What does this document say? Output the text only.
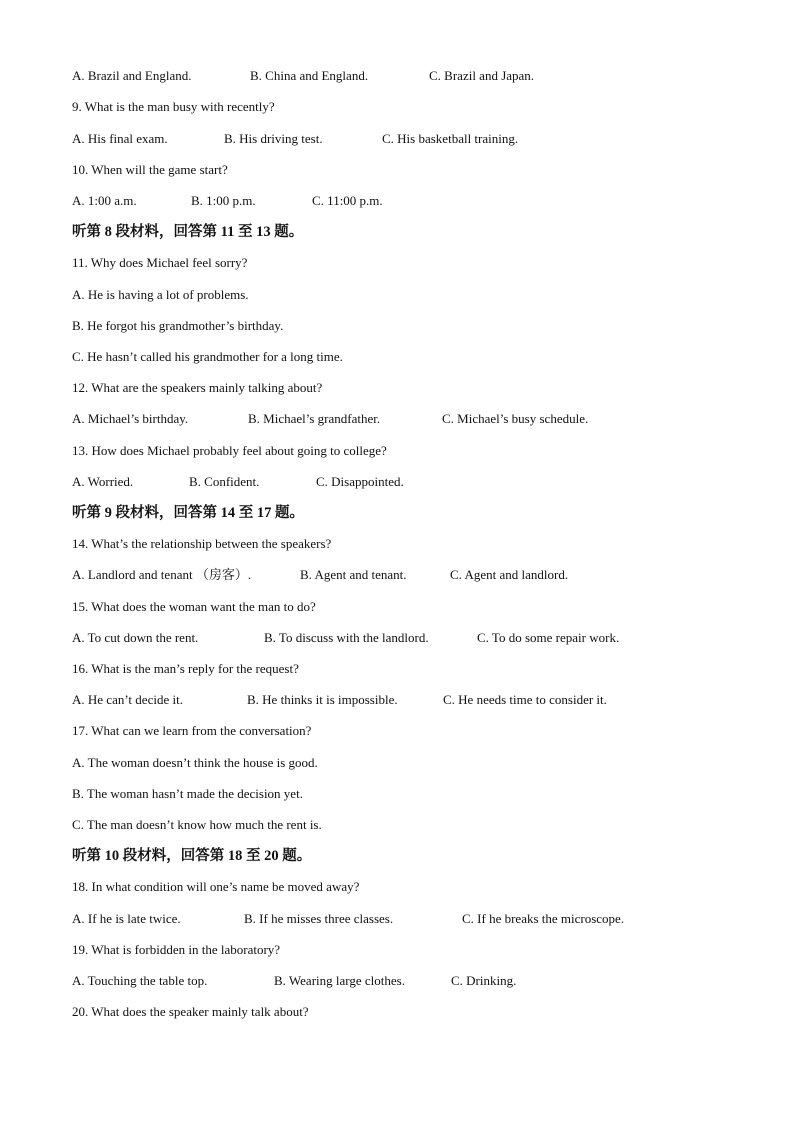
A. Brazil and England.	B. China and England.	C. Brazil and Japan.
9. What is the man busy with recently?
A. His final exam.	B. His driving test.	C. His basketball training.
10. When will the game start?
A. 1:00 a.m.	B. 1:00 p.m.	C. 11:00 p.m.
听第 8 段材料，回答第 11 至 13 题。
11. Why does Michael feel sorry?
A. He is having a lot of problems.
B. He forgot his grandmother’s birthday.
C. He hasn’t called his grandmother for a long time.
12. What are the speakers mainly talking about?
A. Michael’s birthday.	B. Michael’s grandfather.	C. Michael’s busy schedule.
13. How does Michael probably feel about going to college?
A. Worried.	B. Confident.	C. Disappointed.
听第 9 段材料，回答第 14 至 17 题。
14. What’s the relationship between the speakers?
A. Landlord and tenant （房客）.	B. Agent and tenant.	C. Agent and landlord.
15. What does the woman want the man to do?
A. To cut down the rent.	B. To discuss with the landlord.	C. To do some repair work.
16. What is the man’s reply for the request?
A. He can’t decide it.	B. He thinks it is impossible.	C. He needs time to consider it.
17. What can we learn from the conversation?
A. The woman doesn’t think the house is good.
B. The woman hasn’t made the decision yet.
C. The man doesn’t know how much the rent is.
听第 10 段材料，回答第 18 至 20 题。
18. In what condition will one’s name be moved away?
A. If he is late twice.	B. If he misses three classes.	C. If he breaks the microscope.
19. What is forbidden in the laboratory?
A. Touching the table top.	B. Wearing large clothes.	C. Drinking.
20. What does the speaker mainly talk about?
